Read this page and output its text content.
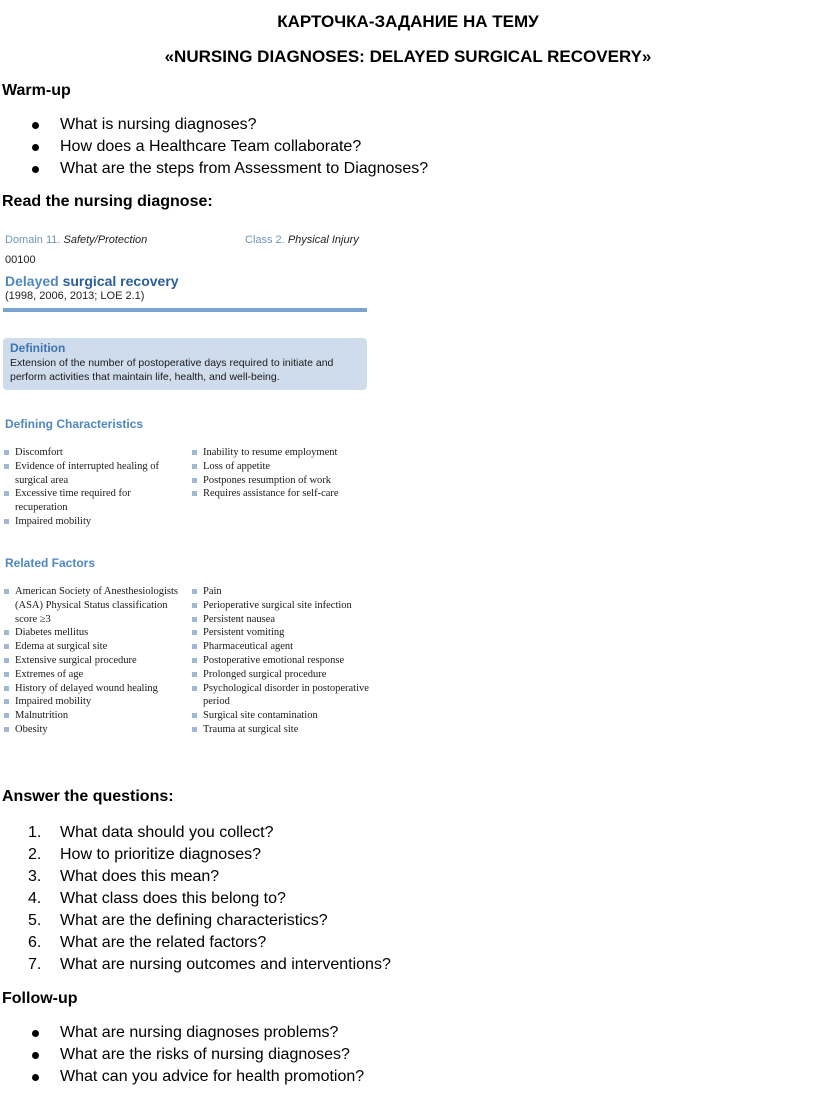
КАРТОЧКА-ЗАДАНИЕ НА ТЕМУ
«NURSING DIAGNOSES: DELAYED SURGICAL RECOVERY»
Warm-up
What is nursing diagnoses?
How does a Healthcare Team collaborate?
What are the steps from Assessment to Diagnoses?
Read the nursing diagnose:
Domain 11. Safety/Protection	Class 2. Physical Injury
00100
Delayed surgical recovery
(1998, 2006, 2013; LOE 2.1)
Definition
Extension of the number of postoperative days required to initiate and perform activities that maintain life, health, and well-being.
Defining Characteristics
Discomfort
Evidence of interrupted healing of surgical area
Excessive time required for recuperation
Impaired mobility
Inability to resume employment
Loss of appetite
Postpones resumption of work
Requires assistance for self-care
Related Factors
American Society of Anesthesiologists (ASA) Physical Status classification score ≥3
Diabetes mellitus
Edema at surgical site
Extensive surgical procedure
Extremes of age
History of delayed wound healing
Impaired mobility
Malnutrition
Obesity
Pain
Perioperative surgical site infection
Persistent nausea
Persistent vomiting
Pharmaceutical agent
Postoperative emotional response
Prolonged surgical procedure
Psychological disorder in postoperative period
Surgical site contamination
Trauma at surgical site
Answer the questions:
1. What data should you collect?
2. How to prioritize diagnoses?
3. What does this mean?
4. What class does this belong to?
5. What are the defining characteristics?
6. What are the related factors?
7. What are nursing outcomes and interventions?
Follow-up
What are nursing diagnoses problems?
What are the risks of nursing diagnoses?
What can you advice for health promotion?
